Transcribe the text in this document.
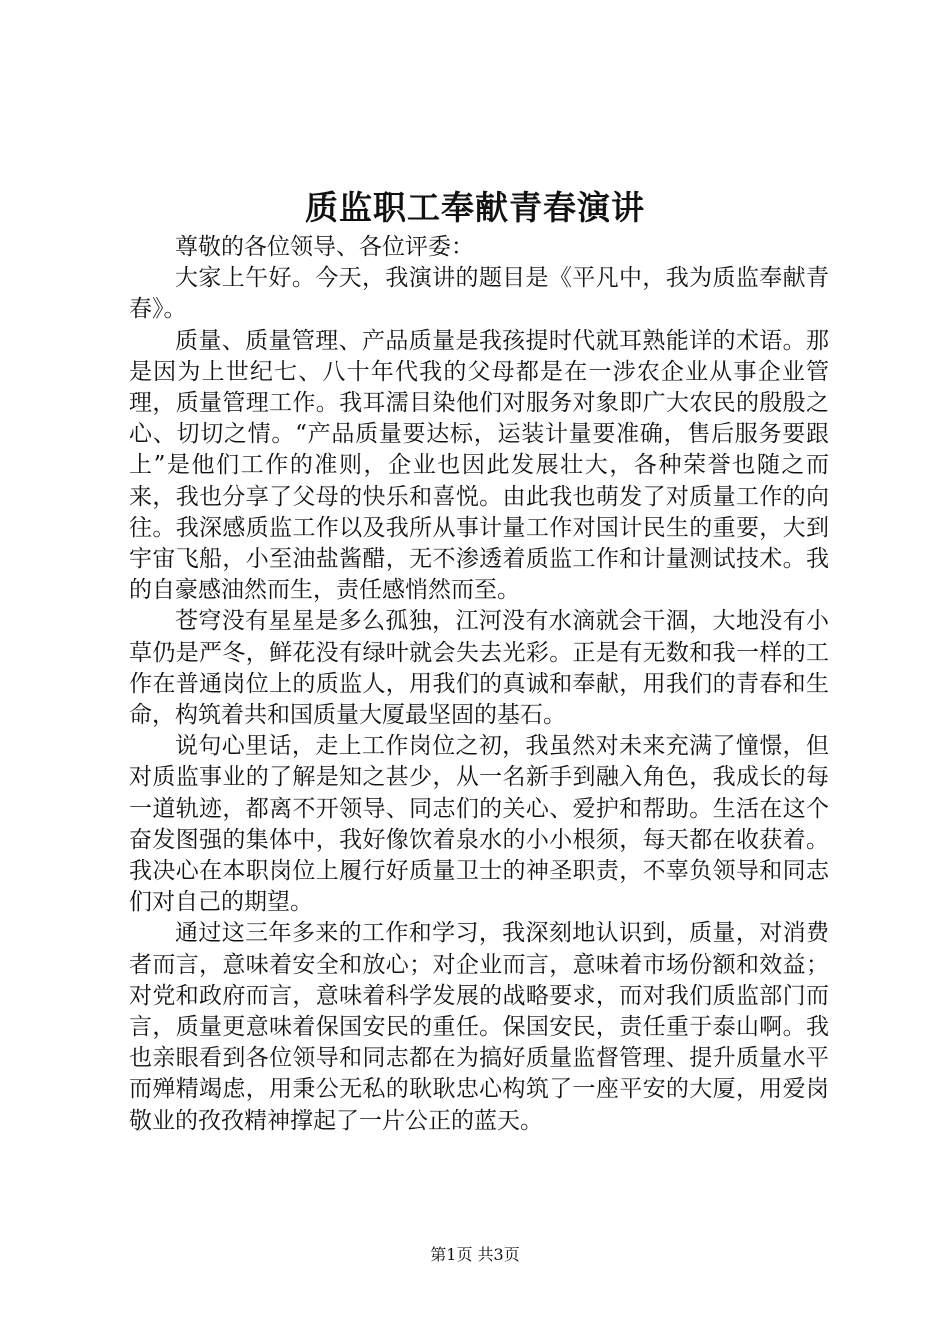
质监职工奉献青春演讲

尊敬的各位领导、各位评委：

大家上午好。今天，我演讲的题目是《平凡中，我为质监奉献青春》。

质量、质量管理、产品质量是我孩提时代就耳熟能详的术语。那是因为上世纪七、八十年代我的父母都是在一涉农企业从事企业管理，质量管理工作。我耳濡目染他们对服务对象即广大农民的殷殷之心、切切之情。“产品质量要达标，运装计量要准确，售后服务要跟上”是他们工作的准则，企业也因此发展壮大，各种荣誉也随之而来，我也分享了父母的快乐和喜悦。由此我也萌发了对质量工作的向往。我深感质监工作以及我所从事计量工作对国计民生的重要，大到宇宙飞船，小至油盐酱醋，无不渗透着质监工作和计量测试技术。我的自豪感油然而生，责任感悄然而至。

苍穹没有星星是多么孤独，江河没有水滴就会干涸，大地没有小草仍是严冬，鲜花没有绿叶就会失去光彩。正是有无数和我一样的工作在普通岗位上的质监人，用我们的真诚和奉献，用我们的青春和生命，构筑着共和国质量大厦最坚固的基石。

说句心里话，走上工作岗位之初，我虽然对未来充满了憧憬，但对质监事业的了解是知之甚少，从一名新手到融入角色，我成长的每一道轨迹，都离不开领导、同志们的关心、爱护和帮助。生活在这个奋发图强的集体中，我好像饮着泉水的小小根须，每天都在收获着。我决心在本职岗位上履行好质量卫士的神圣职责，不辜负领导和同志们对自己的期望。

通过这三年多来的工作和学习，我深刻地认识到，质量，对消费者而言，意味着安全和放心；对企业而言，意味着市场份额和效益；对党和政府而言，意味着科学发展的战略要求，而对我们质监部门而言，质量更意味着保国安民的重任。保国安民，责任重于泰山啊。我也亲眼看到各位领导和同志都在为搞好质量监督管理、提升质量水平而殚精竭虑，用秉公无私的耿耿忠心构筑了一座平安的大厦，用爱岗敬业的孜孜精神撑起了一片公正的蓝天。

第1页 共3页
